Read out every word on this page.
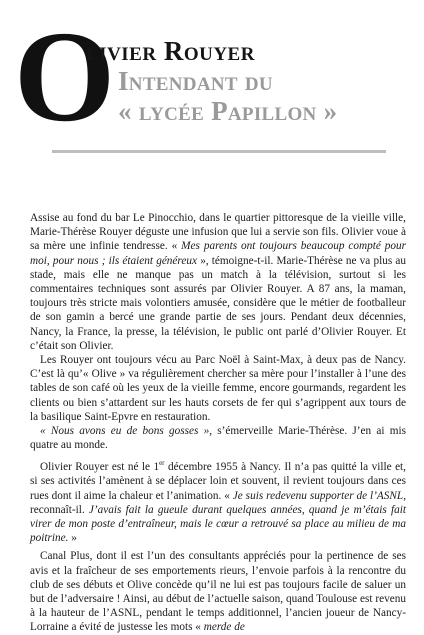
O
livier Rouyer
Intendant du
« lycée Papillon »

Assise au fond du bar Le Pinocchio, dans le quartier pittoresque de la vieille ville, Marie-Thérèse Rouyer déguste une infusion que lui a servie son fils. Olivier voue à sa mère une infinie tendresse. « Mes parents ont toujours beaucoup compté pour moi, pour nous ; ils étaient généreux », témoigne-t-il. Marie-Thérèse ne va plus au stade, mais elle ne manque pas un match à la télévision, surtout si les commentaires techniques sont assurés par Olivier Rouyer. A 87 ans, la maman, toujours très stricte mais volontiers amusée, considère que le métier de footballeur de son gamin a bercé une grande partie de ses jours. Pendant deux décennies, Nancy, la France, la presse, la télévision, le public ont parlé d’Olivier Rouyer. Et c’était son Olivier.

Les Rouyer ont toujours vécu au Parc Noël à Saint-Max, à deux pas de Nancy. C’est là qu’« Olive » va régulièrement chercher sa mère pour l’installer à l’une des tables de son café où les yeux de la vieille femme, encore gourmands, regardent les clients ou bien s’attardent sur les hauts corsets de fer qui s’agrippent aux tours de la basilique Saint-Epvre en restauration.

« Nous avons eu de bons gosses », s’émerveille Marie-Thérèse. J’en ai mis quatre au monde.

Olivier Rouyer est né le 1er décembre 1955 à Nancy. Il n’a pas quitté la ville et, si ses activités l’amènent à se déplacer loin et souvent, il revient toujours dans ces rues dont il aime la chaleur et l’animation. « Je suis redevenu supporter de l’ASNL, reconnaît-il. J’avais fait la gueule durant quelques années, quand je m’étais fait virer de mon poste d’entraîneur, mais le cœur a retrouvé sa place au milieu de ma poitrine. »

Canal Plus, dont il est l’un des consultants appréciés pour la pertinence de ses avis et la fraîcheur de ses emportements rieurs, l’envoie parfois à la rencontre du club de ses débuts et Olive concède qu’il ne lui est pas toujours facile de saluer un but de l’adversaire ! Ainsi, au début de l’actuelle saison, quand Toulouse est revenu à la hauteur de l’ASNL, pendant le temps additionnel, l’ancien joueur de Nancy-Lorraine a évité de justesse les mots « merde de
